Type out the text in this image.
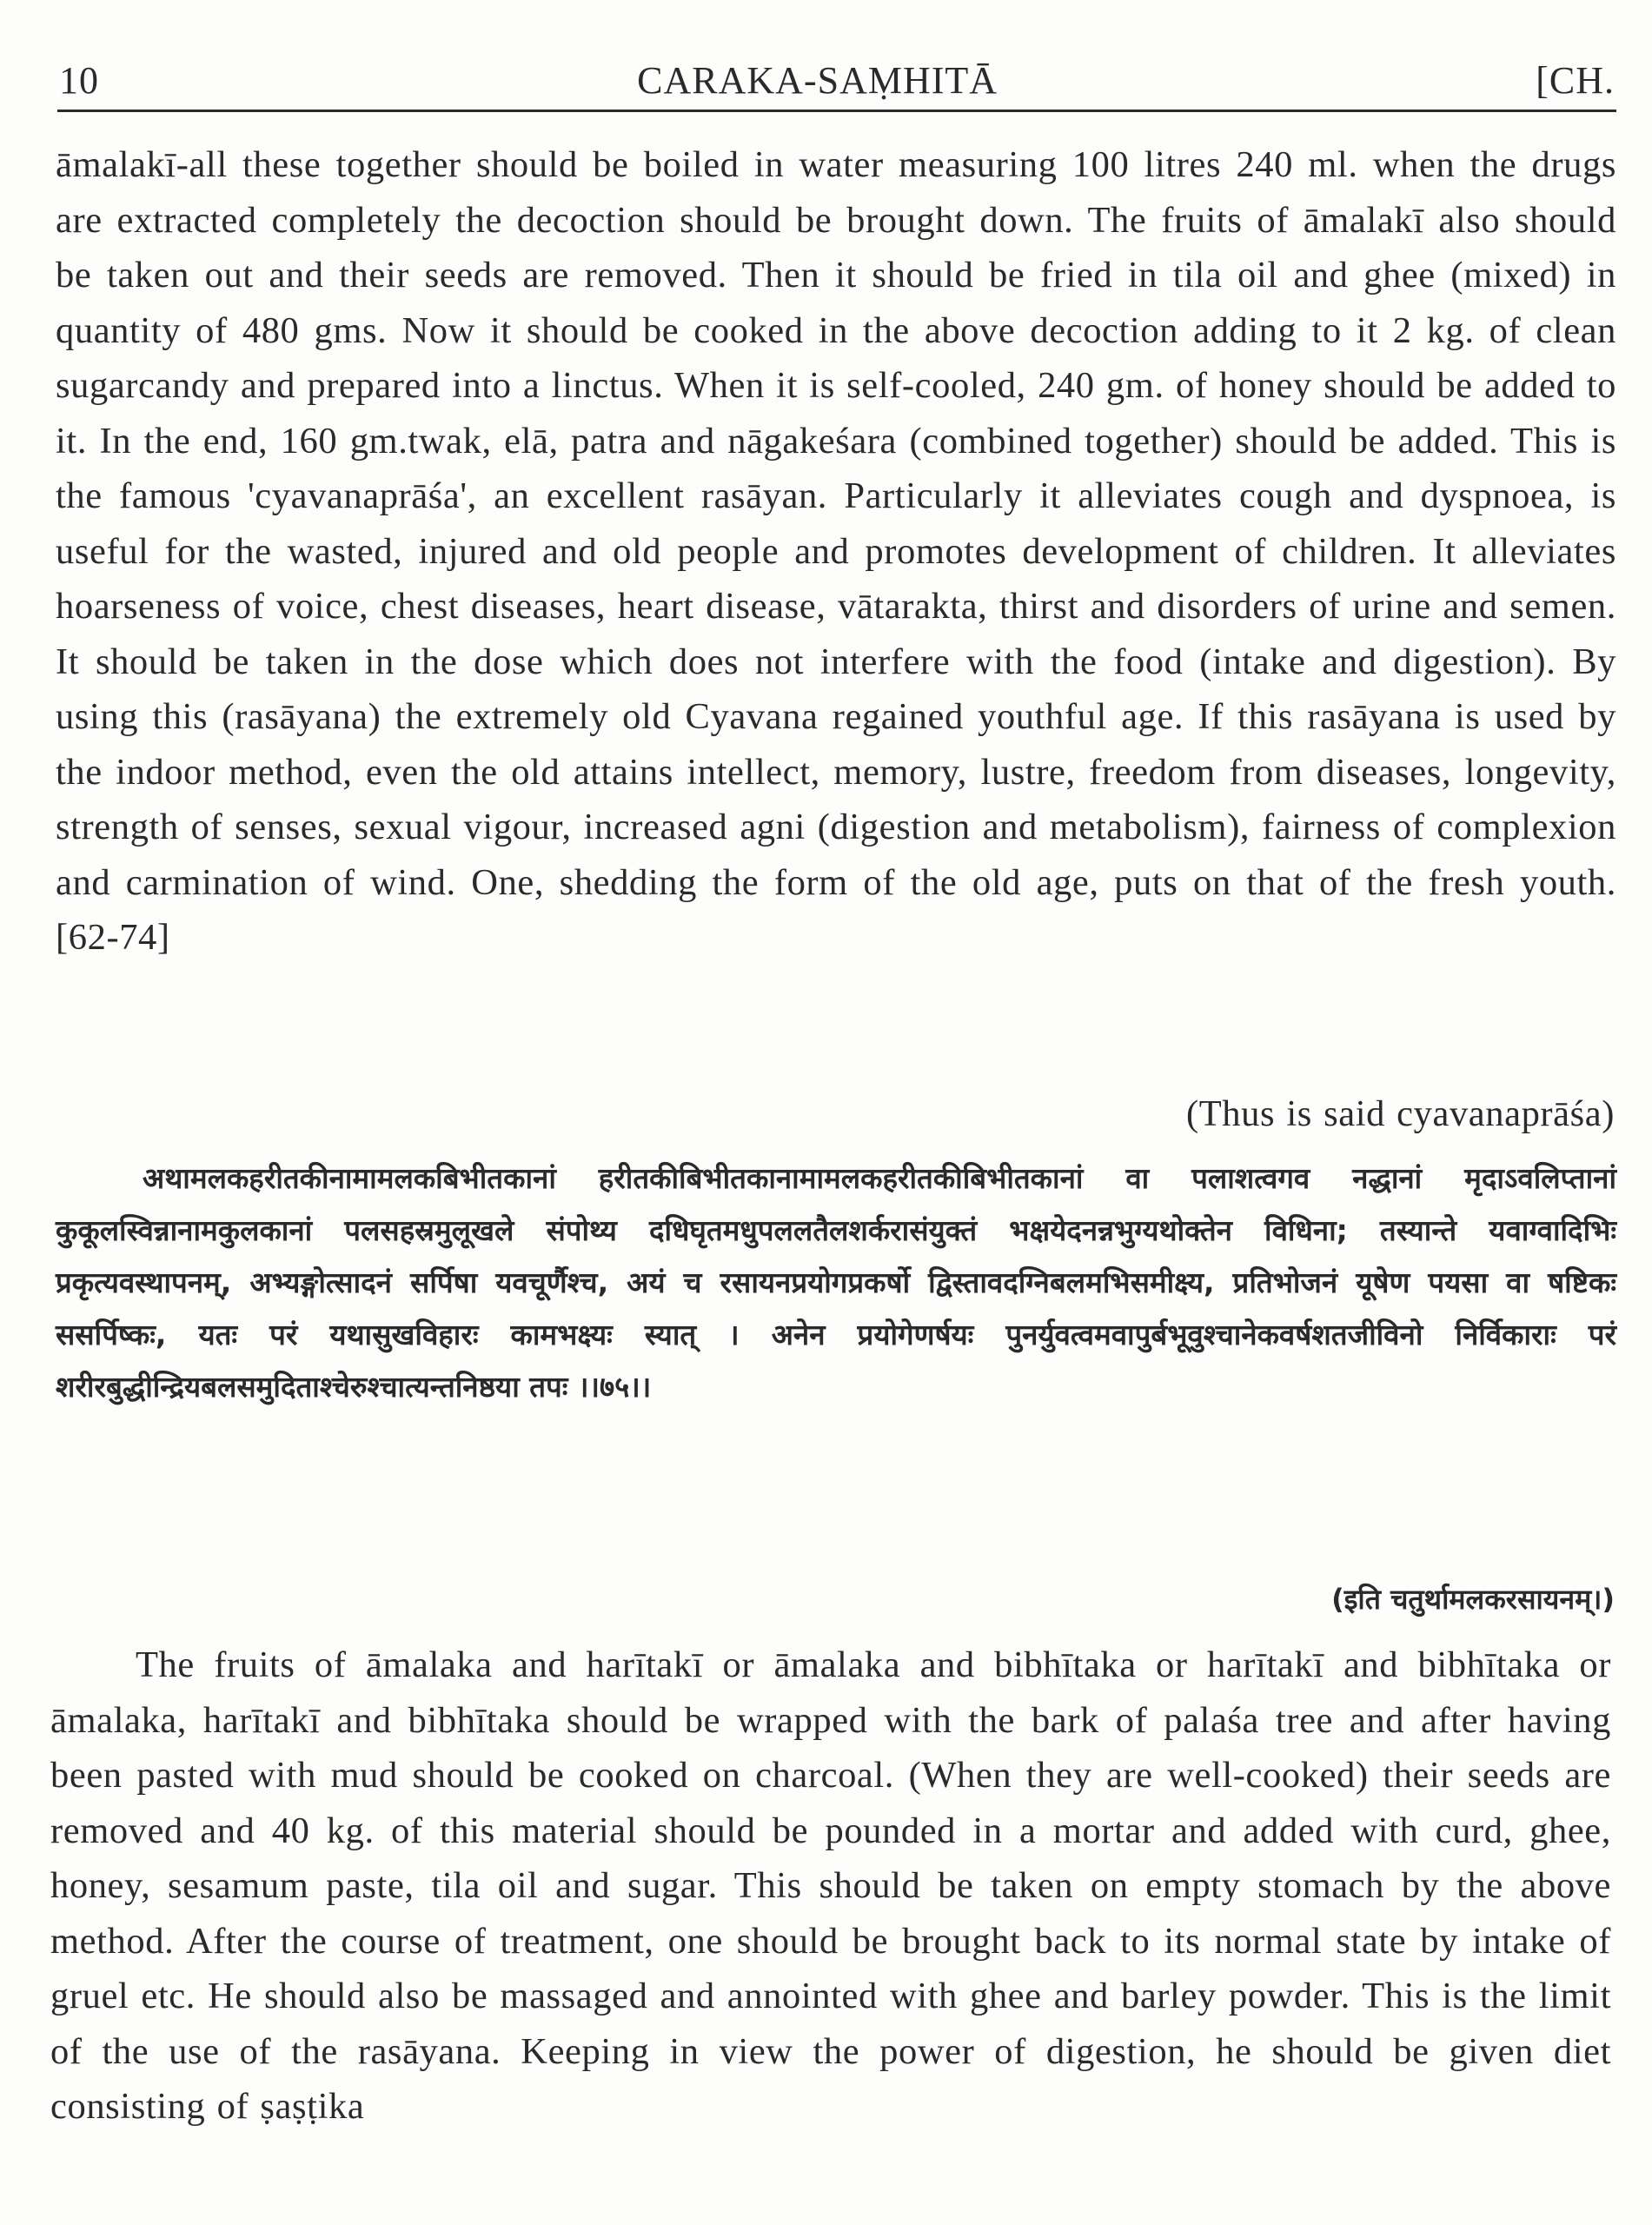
10	CARAKA-SAṂHITĀ	[CH.

āmalakī-all these together should be boiled in water measuring 100 litres 240 ml. when the drugs are extracted completely the decoction should be brought down. The fruits of āmalakī also should be taken out and their seeds are removed. Then it should be fried in tila oil and ghee (mixed) in quantity of 480 gms. Now it should be cooked in the above decoction adding to it 2 kg. of clean sugarcandy and prepared into a linctus. When it is self-cooled, 240 gm. of honey should be added to it. In the end, 160 gm.twak, elā, patra and nāgakeśara (combined together) should be added. This is the famous 'cyavanaprāśa', an excellent rasāyan. Particularly it alleviates cough and dyspnoea, is useful for the wasted, injured and old people and promotes development of children. It alleviates hoarseness of voice, chest diseases, heart disease, vātarakta, thirst and disorders of urine and semen. It should be taken in the dose which does not interfere with the food (intake and digestion). By using this (rasāyana) the extremely old Cyavana regained youthful age. If this rasāyana is used by the indoor method, even the old attains intellect, memory, lustre, freedom from diseases, longevity, strength of senses, sexual vigour, increased agni (digestion and metabolism), fairness of complexion and carmination of wind. One, shedding the form of the old age, puts on that of the fresh youth. [62-74]

(Thus is said cyavanaprāśa)
अथामलकहरीतकीनामामलकबिभीतकानां हरीतकीबिभीतकानामामलकहरीतकीबिभीतकानां वा पलाशत्वगव नद्धानां मृदाऽवलिप्तानां कुकूलस्विन्नानामकुलकानां पलसहस्रमुलूखले संपोथ्य दधिघृतमधुपललतैलशर्करासंयुक्तं भक्षयेदनन्नभुग्यथोक्तेन विधिना; तस्यान्ते यवाग्वादिभिः प्रकृत्यवस्थापनम्, अभ्यङ्गोत्सादनं सर्पिषा यवचूर्णैश्च, अयं च रसायनप्रयोगप्रकर्षो द्विस्तावदग्निबलमभिसमीक्ष्य, प्रतिभोजनं यूषेण पयसा वा षष्टिकः ससर्पिष्कः, यतः परं यथासुखविहारः कामभक्ष्यः स्यात् । अनेन प्रयोगेणर्षयः पुनर्युवत्वमवापुर्बभूवुश्चानेकवर्षशतजीविनो निर्विकाराः परं शरीरबुद्धीन्द्रियबलसमुदिताश्चेरुश्चात्यन्तनिष्ठया तपः ।।७५।।
(इति चतुर्थामलकरसायनम्।)

The fruits of āmalaka and harītakī or āmalaka and bibhītaka or harītakī and bibhītaka or āmalaka, harītakī and bibhītaka should be wrapped with the bark of palaśa tree and after having been pasted with mud should be cooked on charcoal. (When they are well-cooked) their seeds are removed and 40 kg. of this material should be pounded in a mortar and added with curd, ghee, honey, sesamum paste, tila oil and sugar. This should be taken on empty stomach by the above method. After the course of treatment, one should be brought back to its normal state by intake of gruel etc. He should also be massaged and annointed with ghee and barley powder. This is the limit of the use of the rasāyana. Keeping in view the power of digestion, he should be given diet consisting of ṣaṣṭika
